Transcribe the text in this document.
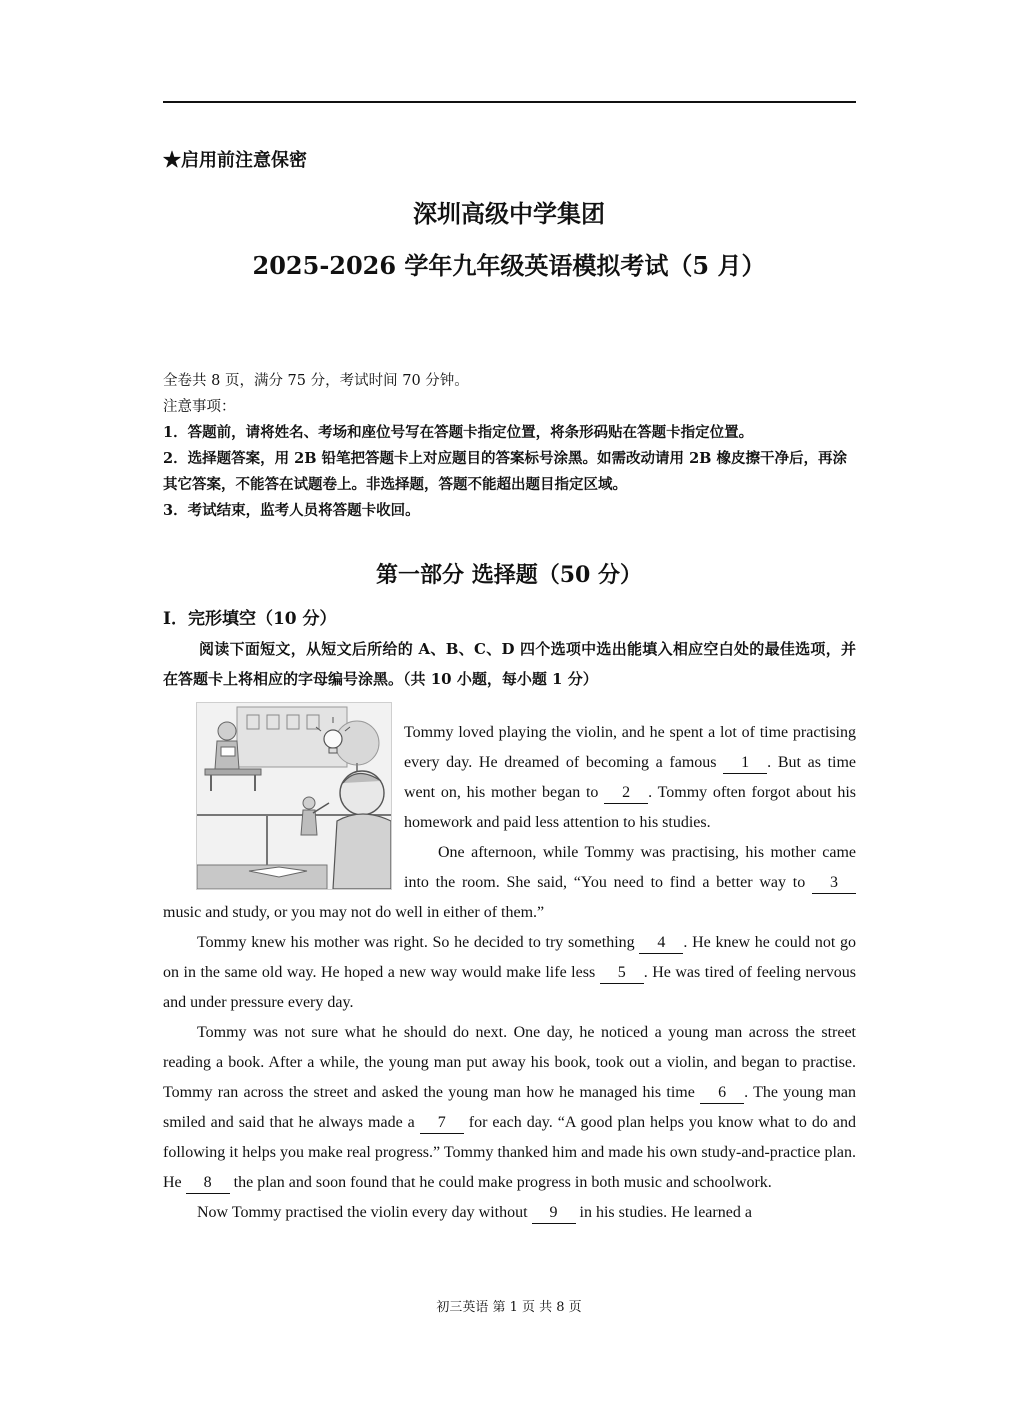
★启用前注意保密
深圳高级中学集团
2025-2026 学年九年级英语模拟考试（5 月）
全卷共 8 页，满分 75 分，考试时间 70 分钟。
注意事项：
1．答题前，请将姓名、考场和座位号写在答题卡指定位置，将条形码贴在答题卡指定位置。
2．选择题答案，用 2B 铅笔把答题卡上对应题目的答案标号涂黑。如需改动请用 2B 橡皮擦干净后，再涂其它答案，不能答在试题卷上。非选择题，答题不能超出题目指定区域。
3．考试结束，监考人员将答题卡收回。
第一部分 选择题（50 分）
I．完形填空（10 分）
阅读下面短文，从短文后所给的 A、B、C、D 四个选项中选出能填入相应空白处的最佳选项，并在答题卡上将相应的字母编号涂黑。（共 10 小题，每小题 1 分）

Tommy loved playing the violin, and he spent a lot of time practising every day. He dreamed of becoming a famous 1 . But as time went on, his mother began to 2 . Tommy often forgot about his homework and paid less attention to his studies.

One afternoon, while Tommy was practising, his mother came into the room. She said, “You need to find a better way to 3 music and study, or you may not do well in either of them.”

Tommy knew his mother was right. So he decided to try something 4 . He knew he could not go on in the same old way. He hoped a new way would make life less 5 . He was tired of feeling nervous and under pressure every day.

Tommy was not sure what he should do next. One day, he noticed a young man across the street reading a book. After a while, the young man put away his book, took out a violin, and began to practise. Tommy ran across the street and asked the young man how he managed his time 6 . The young man smiled and said that he always made a 7 for each day. “A good plan helps you know what to do and following it helps you make real progress.” Tommy thanked him and made his own study-and-practice plan. He 8 the plan and soon found that he could make progress in both music and schoolwork.

Now Tommy practised the violin every day without 9 in his studies. He learned a

初三英语 第 1 页 共 8 页
